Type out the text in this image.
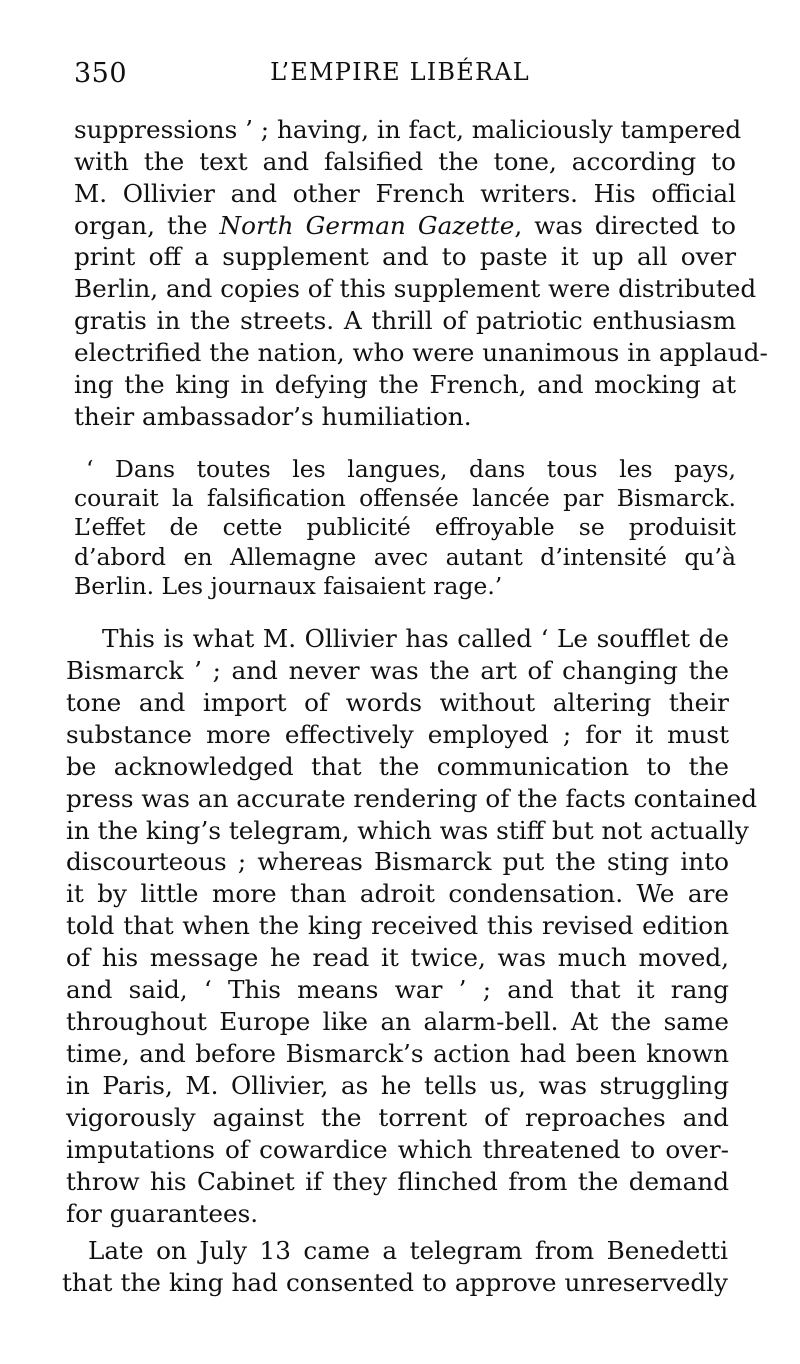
350	L’EMPIRE LIBÉRAL
suppressions ’ ; having, in fact, maliciously tampered
with the text and falsified the tone, according to
M. Ollivier and other French writers. His official
organ, the North German Gazette, was directed to
print off a supplement and to paste it up all over
Berlin, and copies of this supplement were distributed
gratis in the streets. A thrill of patriotic enthusiasm
electrified the nation, who were unanimous in applaud-
ing the king in defying the French, and mocking at
their ambassador’s humiliation.
‘ Dans toutes les langues, dans tous les pays,
courait la falsification offensée lancée par Bismarck.
L’effet de cette publicité effroyable se produisit
d’abord en Allemagne avec autant d’intensité qu’à
Berlin. Les journaux faisaient rage.’
This is what M. Ollivier has called ‘ Le soufflet de
Bismarck ’ ; and never was the art of changing the
tone and import of words without altering their
substance more effectively employed ; for it must
be acknowledged that the communication to the
press was an accurate rendering of the facts contained
in the king’s telegram, which was stiff but not actually
discourteous ; whereas Bismarck put the sting into
it by little more than adroit condensation. We are
told that when the king received this revised edition
of his message he read it twice, was much moved,
and said, ‘ This means war ’ ; and that it rang
throughout Europe like an alarm-bell. At the same
time, and before Bismarck’s action had been known
in Paris, M. Ollivier, as he tells us, was struggling
vigorously against the torrent of reproaches and
imputations of cowardice which threatened to over-
throw his Cabinet if they flinched from the demand
for guarantees.
Late on July 13 came a telegram from Benedetti
that the king had consented to approve unreservedly
